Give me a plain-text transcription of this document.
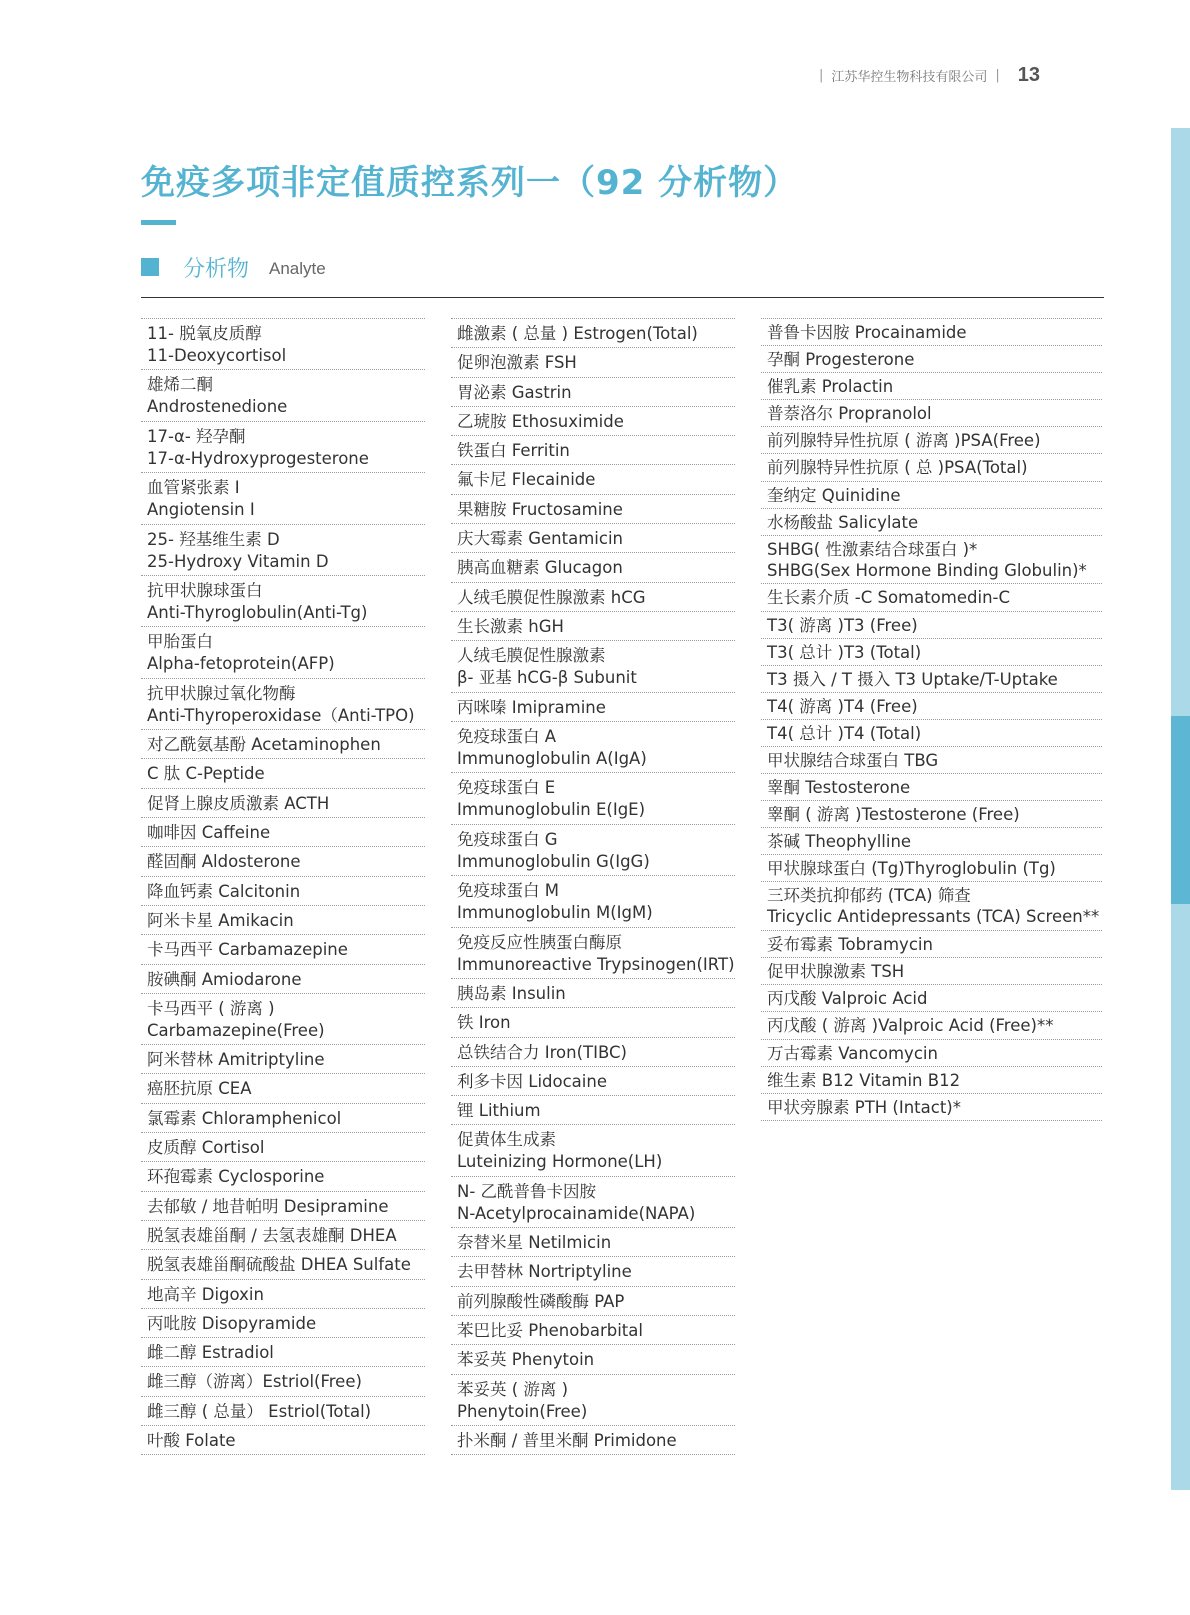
| 江苏华控生物科技有限公司 | 13
免疫多项非定值质控系列一（92 分析物）
分析物 Analyte
11- 脱氧皮质醇
11-Deoxycortisol
雄烯二酮
Androstenedione
17-α- 羟孕酮
17-α-Hydroxyprogesterone
血管紧张素 I
Angiotensin I
25- 羟基维生素 D
25-Hydroxy Vitamin D
抗甲状腺球蛋白
Anti-Thyroglobulin(Anti-Tg)
甲胎蛋白
Alpha-fetoprotein(AFP)
抗甲状腺过氧化物酶
Anti-Thyroperoxidase（Anti-TPO)
对乙酰氨基酚 Acetaminophen
C 肽 C-Peptide
促肾上腺皮质激素 ACTH
咖啡因 Caffeine
醛固酮 Aldosterone
降血钙素 Calcitonin
阿米卡星 Amikacin
卡马西平 Carbamazepine
胺碘酮 Amiodarone
卡马西平 ( 游离 )
Carbamazepine(Free)
阿米替林 Amitriptyline
癌胚抗原 CEA
氯霉素 Chloramphenicol
皮质醇 Cortisol
环孢霉素 Cyclosporine
去郁敏 / 地昔帕明 Desipramine
脱氢表雄甾酮 / 去氢表雄酮 DHEA
脱氢表雄甾酮硫酸盐 DHEA Sulfate
地高辛 Digoxin
丙吡胺 Disopyramide
雌二醇 Estradiol
雌三醇（游离）Estriol(Free)
雌三醇 ( 总量） Estriol(Total)
叶酸 Folate
雌激素 ( 总量 ) Estrogen(Total)
促卵泡激素 FSH
胃泌素 Gastrin
乙琥胺 Ethosuximide
铁蛋白 Ferritin
氟卡尼 Flecainide
果糖胺 Fructosamine
庆大霉素 Gentamicin
胰高血糖素 Glucagon
人绒毛膜促性腺激素 hCG
生长激素 hGH
人绒毛膜促性腺激素
β- 亚基 hCG-β Subunit
丙咪嗪 Imipramine
免疫球蛋白 A
Immunoglobulin A(IgA)
免疫球蛋白 E
Immunoglobulin E(IgE)
免疫球蛋白 G
Immunoglobulin G(IgG)
免疫球蛋白 M
Immunoglobulin M(IgM)
免疫反应性胰蛋白酶原
Immunoreactive Trypsinogen(IRT)
胰岛素 Insulin
铁 Iron
总铁结合力 Iron(TIBC)
利多卡因 Lidocaine
锂 Lithium
促黄体生成素
Luteinizing Hormone(LH)
N- 乙酰普鲁卡因胺
N-Acetylprocainamide(NAPA)
奈替米星 Netilmicin
去甲替林 Nortriptyline
前列腺酸性磷酸酶 PAP
苯巴比妥 Phenobarbital
苯妥英 Phenytoin
苯妥英 ( 游离 )
Phenytoin(Free)
扑米酮 / 普里米酮 Primidone
普鲁卡因胺 Procainamide
孕酮 Progesterone
催乳素 Prolactin
普萘洛尔 Propranolol
前列腺特异性抗原 ( 游离 )PSA(Free)
前列腺特异性抗原 ( 总 )PSA(Total)
奎纳定 Quinidine
水杨酸盐 Salicylate
SHBG( 性激素结合球蛋白 )*
SHBG(Sex Hormone Binding Globulin)*
生长素介质 -C Somatomedin-C
T3( 游离 )T3 (Free)
T3( 总计 )T3 (Total)
T3 摄入 / T 摄入 T3 Uptake/T-Uptake
T4( 游离 )T4 (Free)
T4( 总计 )T4 (Total)
甲状腺结合球蛋白 TBG
睾酮 Testosterone
睾酮 ( 游离 )Testosterone (Free)
茶碱 Theophylline
甲状腺球蛋白 (Tg)Thyroglobulin (Tg)
三环类抗抑郁药 (TCA) 筛查
Tricyclic Antidepressants (TCA) Screen**
妥布霉素 Tobramycin
促甲状腺激素 TSH
丙戊酸 Valproic Acid
丙戊酸 ( 游离 )Valproic Acid (Free)**
万古霉素 Vancomycin
维生素 B12 Vitamin B12
甲状旁腺素 PTH (Intact)*
